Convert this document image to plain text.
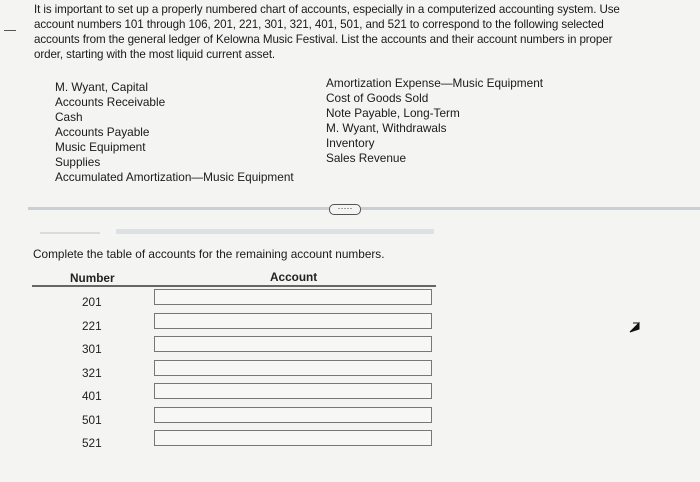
It is important to set up a properly numbered chart of accounts, especially in a computerized accounting system. Use
account numbers 101 through 106, 201, 221, 301, 321, 401, 501, and 521 to correspond to the following selected
accounts from the general ledger of Kelowna Music Festival. List the accounts and their account numbers in proper
order, starting with the most liquid current asset.
M. Wyant, Capital
Accounts Receivable
Cash
Accounts Payable
Music Equipment
Supplies
Accumulated Amortization—Music Equipment
Amortization Expense—Music Equipment
Cost of Goods Sold
Note Payable, Long-Term
M. Wyant, Withdrawals
Inventory
Sales Revenue
·····
Complete the table of accounts for the remaining account numbers.
Number	Account
201
221
301
321
401
501
521
